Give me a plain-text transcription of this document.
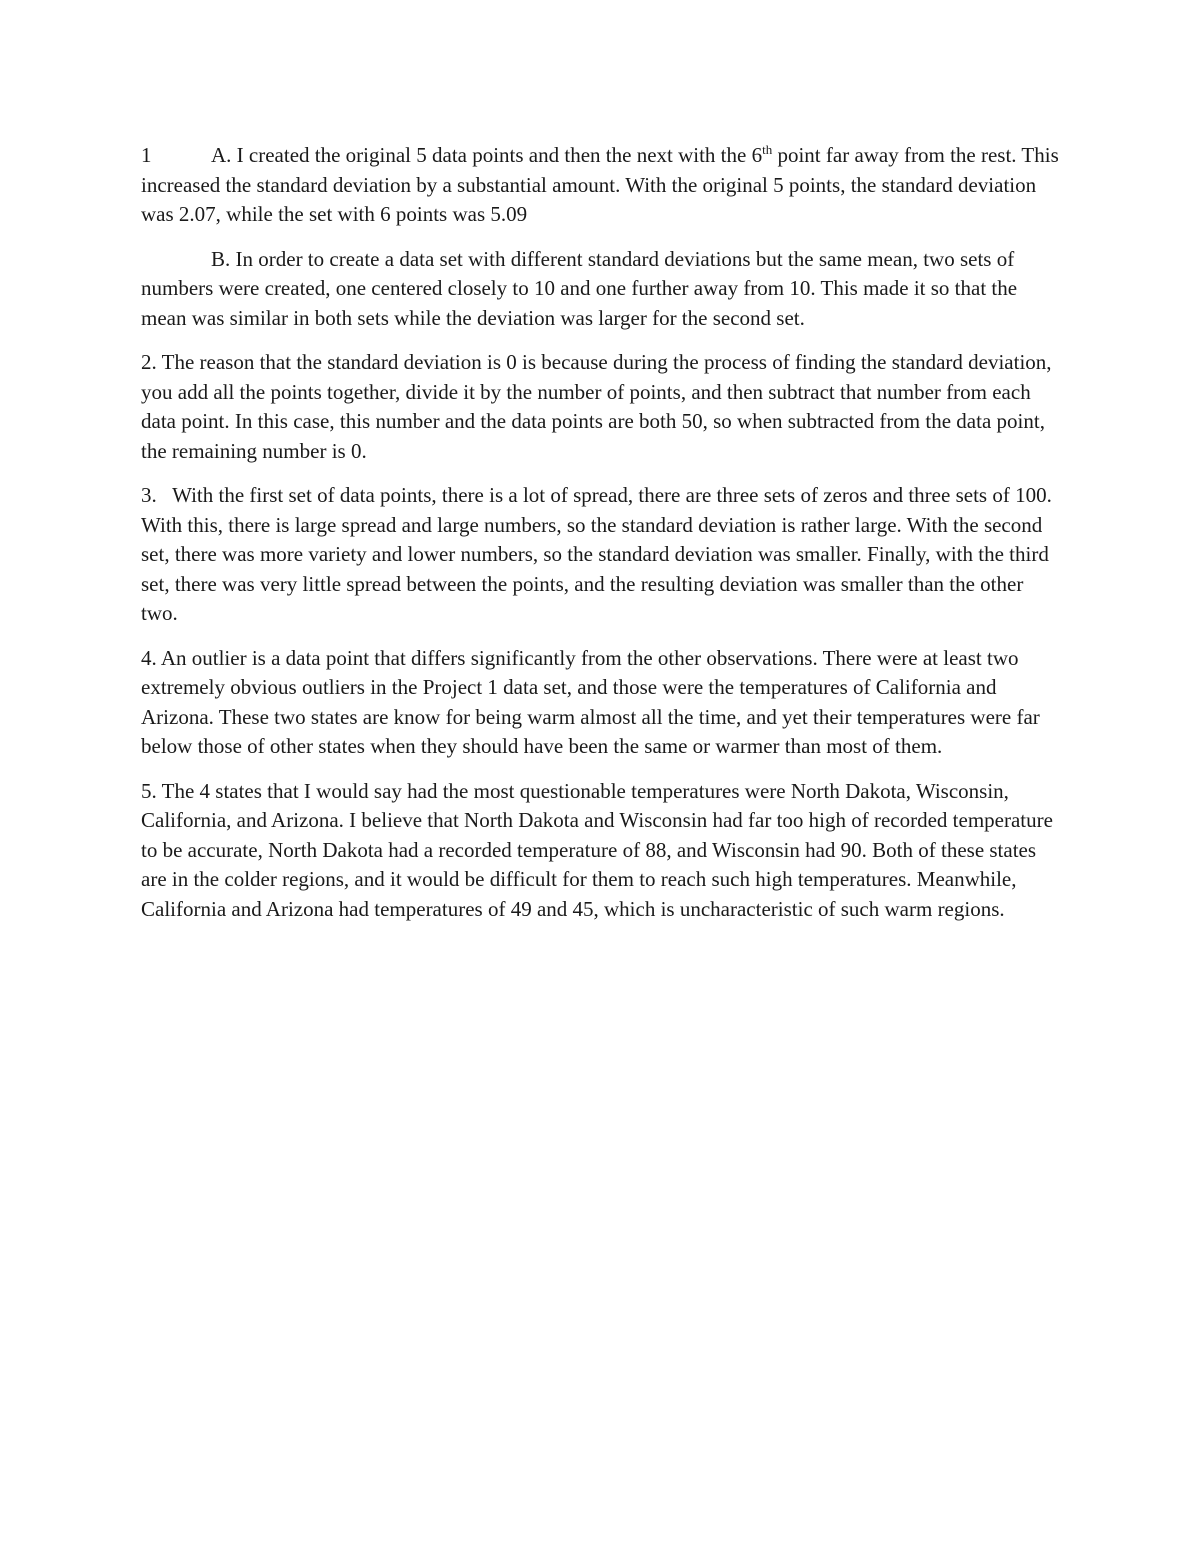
1	A. I created the original 5 data points and then the next with the 6th point far away from the rest. This increased the standard deviation by a substantial amount. With the original 5 points, the standard deviation was 2.07, while the set with 6 points was 5.09

B. In order to create a data set with different standard deviations but the same mean, two sets of numbers were created, one centered closely to 10 and one further away from 10. This made it so that the mean was similar in both sets while the deviation was larger for the second set.

2. The reason that the standard deviation is 0 is because during the process of finding the standard deviation, you add all the points together, divide it by the number of points, and then subtract that number from each data point. In this case, this number and the data points are both 50, so when subtracted from the data point, the remaining number is 0.

3.   With the first set of data points, there is a lot of spread, there are three sets of zeros and three sets of 100. With this, there is large spread and large numbers, so the standard deviation is rather large. With the second set, there was more variety and lower numbers, so the standard deviation was smaller. Finally, with the third set, there was very little spread between the points, and the resulting deviation was smaller than the other two.

4. An outlier is a data point that differs significantly from the other observations. There were at least two extremely obvious outliers in the Project 1 data set, and those were the temperatures of California and Arizona. These two states are know for being warm almost all the time, and yet their temperatures were far below those of other states when they should have been the same or warmer than most of them.

5. The 4 states that I would say had the most questionable temperatures were North Dakota, Wisconsin, California, and Arizona. I believe that North Dakota and Wisconsin had far too high of recorded temperature to be accurate, North Dakota had a recorded temperature of 88, and Wisconsin had 90. Both of these states are in the colder regions, and it would be difficult for them to reach such high temperatures. Meanwhile, California and Arizona had temperatures of 49 and 45, which is uncharacteristic of such warm regions.
